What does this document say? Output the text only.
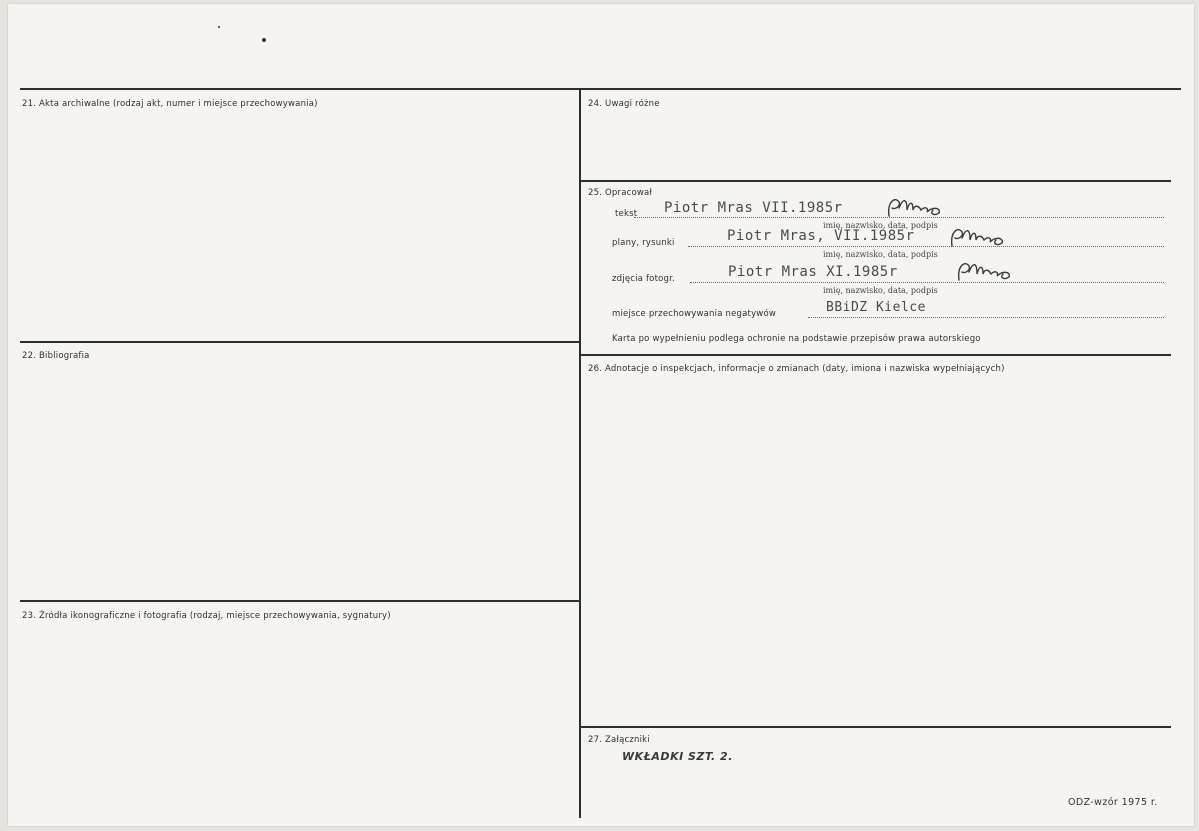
21. Akta archiwalne (rodzaj akt, numer i miejsce przechowywania)
22. Bibliografia
23. Źródła ikonograficzne i fotografia (rodzaj, miejsce przechowywania, sygnatury)
24. Uwagi różne
25. Opracował
tekst Piotr Mras VII.1985r
imię, nazwisko, data, podpis
plany, rysunki	Piotr Mras, VII.1985r
imię, nazwisko, data, podpis
zdjęcia fotogr.	Piotr Mras XI.1985r
imię, nazwisko, data, podpis
miejsce przechowywania negatywów	BBiDZ Kielce
Karta po wypełnieniu podlega ochronie na podstawie przepisów prawa autorskiego
26. Adnotacje o inspekcjach, informacje o zmianach (daty, imiona i nazwiska wypełniających)
27. Załączniki
WKŁADKI SZT. 2.
ODZ-wzór 1975 r.
